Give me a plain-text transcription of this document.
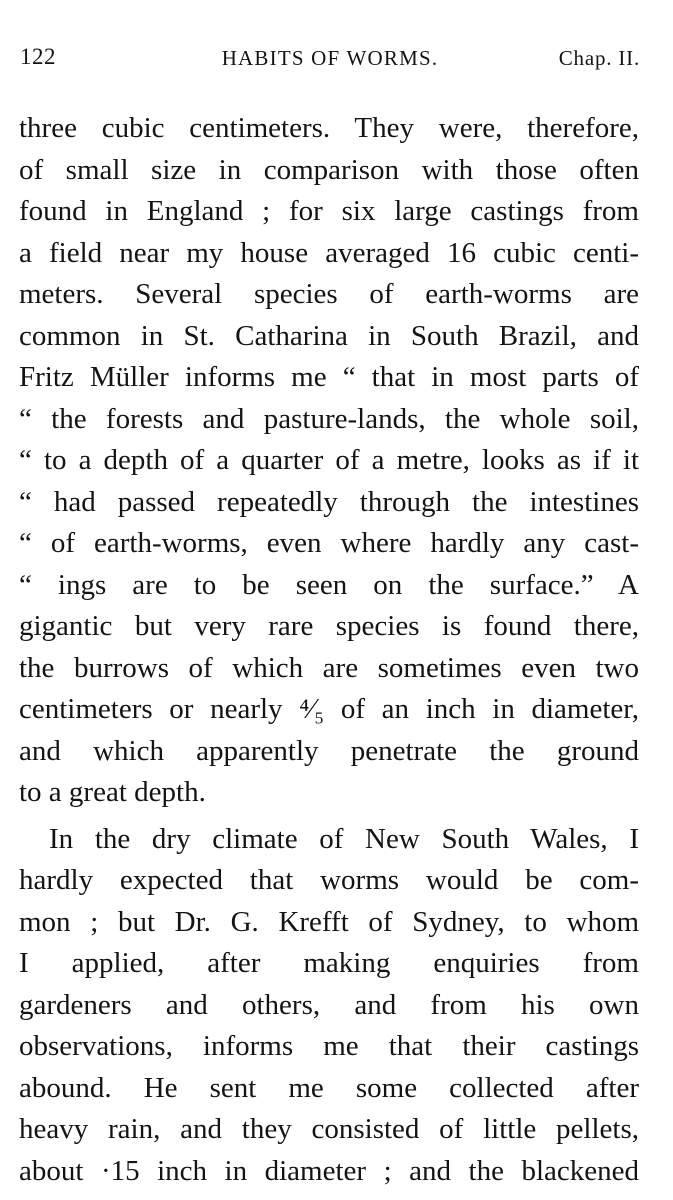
122	HABITS OF WORMS.	Chap. II.
three cubic centimeters. They were, therefore,
of small size in comparison with those often
found in England ; for six large castings from
a field near my house averaged 16 cubic centi-
meters. Several species of earth-worms are
common in St. Catharina in South Brazil, and
Fritz Müller informs me “ that in most parts of
“ the forests and pasture-lands, the whole soil,
“ to a depth of a quarter of a metre, looks as if it
“ had passed repeatedly through the intestines
“ of earth-worms, even where hardly any cast-
“ ings are to be seen on the surface.” A
gigantic but very rare species is found there,
the burrows of which are sometimes even two
centimeters or nearly ⁴⁄₅ of an inch in diameter,
and which apparently penetrate the ground
to a great depth.
In the dry climate of New South Wales, I
hardly expected that worms would be com-
mon ; but Dr. G. Krefft of Sydney, to whom
I applied, after making enquiries from
gardeners and others, and from his own
observations, informs me that their castings
abound. He sent me some collected after
heavy rain, and they consisted of little pellets,
about ·15 inch in diameter ; and the blackened
